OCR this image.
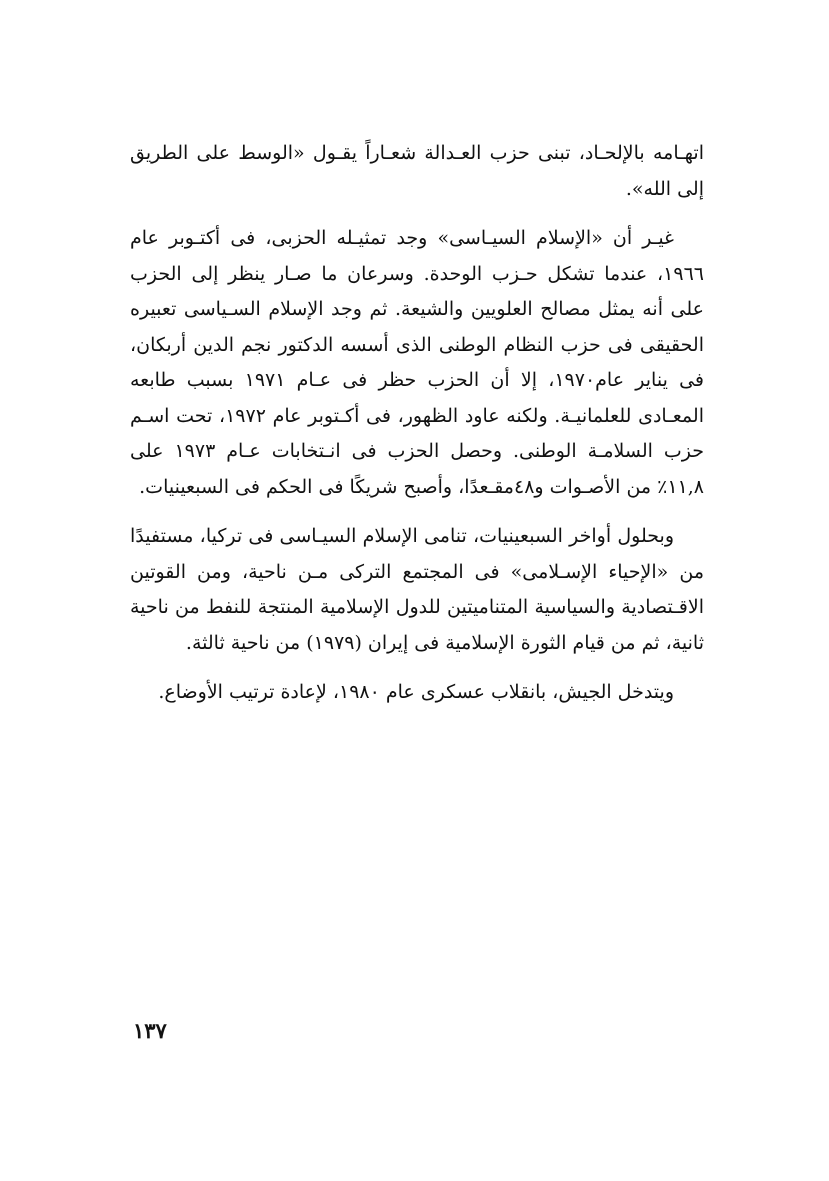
اتهـامه بالإلحـاد، تبنى حزب العـدالة شعـاراً يقـول «الوسط على الطريق إلى الله».

غيـر أن «الإسلام السيـاسى» وجد تمثيـله الحزبى، فى أكتـوبر عام ١٩٦٦، عندما تشكل حـزب الوحدة. وسرعان ما صـار ينظر إلى الحزب على أنه يمثل مصالح العلويين والشيعة. ثم وجد الإسلام السـياسى تعبيره الحقيقى فى حزب النظام الوطنى الذى أسسه الدكتور نجم الدين أربكان، فى يناير عام١٩٧٠، إلا أن الحزب حظر فى عـام ١٩٧١ بسبب طابعه المعـادى للعلمانيـة. ولكنه عاود الظهور، فى أكـتوبر عام ١٩٧٢، تحت اسـم حزب السلامـة الوطنى. وحصل الحزب فى انـتخابات عـام ١٩٧٣ على ١١,٨٪ من الأصـوات و٤٨مقـعدًا، وأصبح شريكًا فى الحكم فى السبعينيات.

وبحلول أواخر السبعينيات، تنامى الإسلام السيـاسى فى تركيا، مستفيدًا من «الإحياء الإسـلامى» فى المجتمع التركى مـن ناحية، ومن القوتين الاقـتصادية والسياسية المتناميتين للدول الإسلامية المنتجة للنفط من ناحية ثانية، ثم من قيام الثورة الإسلامية فى إيران (١٩٧٩) من ناحية ثالثة.

ويتدخل الجيش، بانقلاب عسكرى عام ١٩٨٠، لإعادة ترتيب الأوضاع.

١٣٧
